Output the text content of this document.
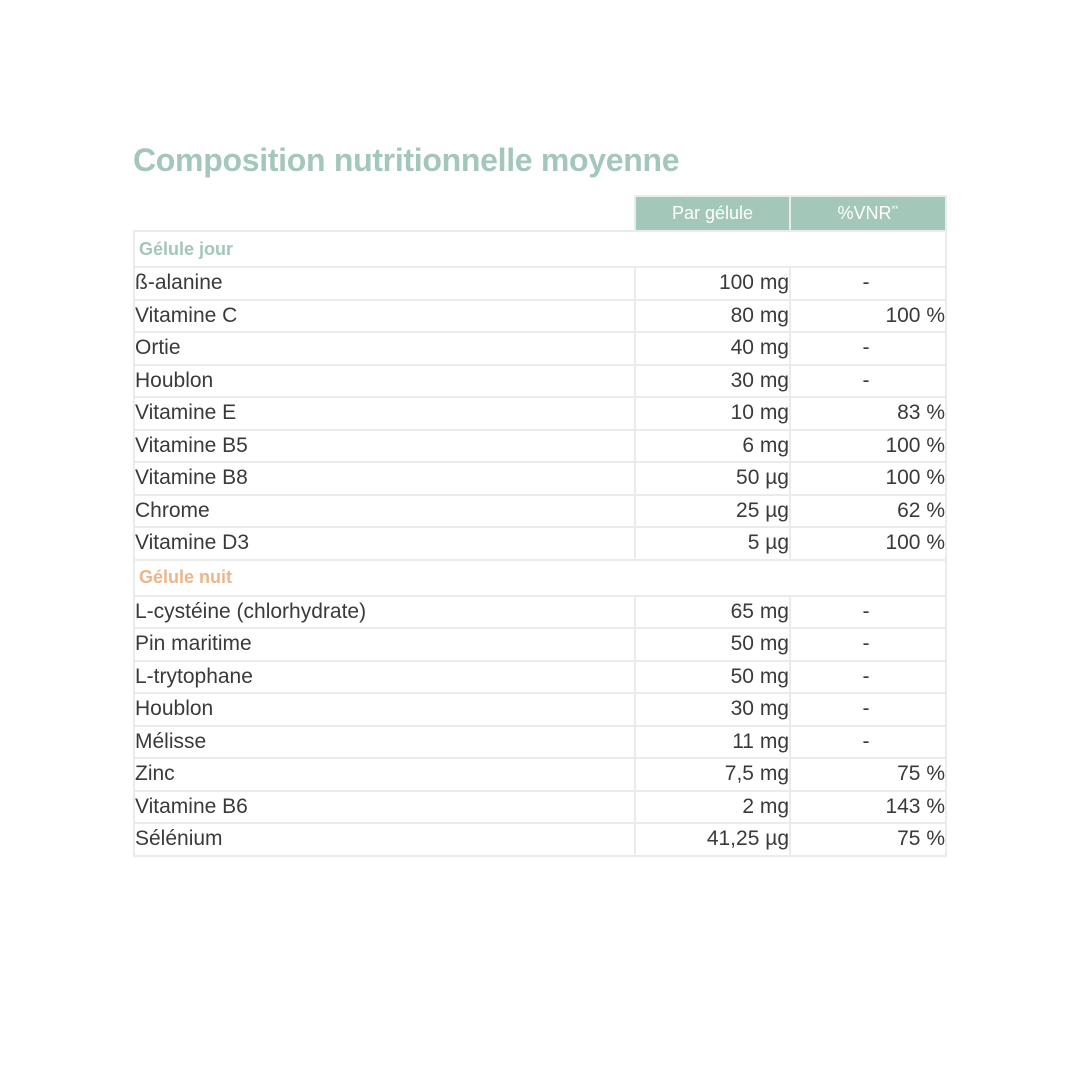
Composition nutritionnelle moyenne
	Par gélule	%VNR**
Gélule jour		
ß-alanine	100 mg	-
Vitamine C	80 mg	100 %
Ortie	40 mg	-
Houblon	30 mg	-
Vitamine E	10 mg	83 %
Vitamine B5	6 mg	100 %
Vitamine B8	50 µg	100 %
Chrome	25 µg	62 %
Vitamine D3	5 µg	100 %
Gélule nuit		
L-cystéine (chlorhydrate)	65 mg	-
Pin maritime	50 mg	-
L-trytophane	50 mg	-
Houblon	30 mg	-
Mélisse	11 mg	-
Zinc	7,5 mg	75 %
Vitamine B6	2 mg	143 %
Sélénium	41,25 µg	75 %
